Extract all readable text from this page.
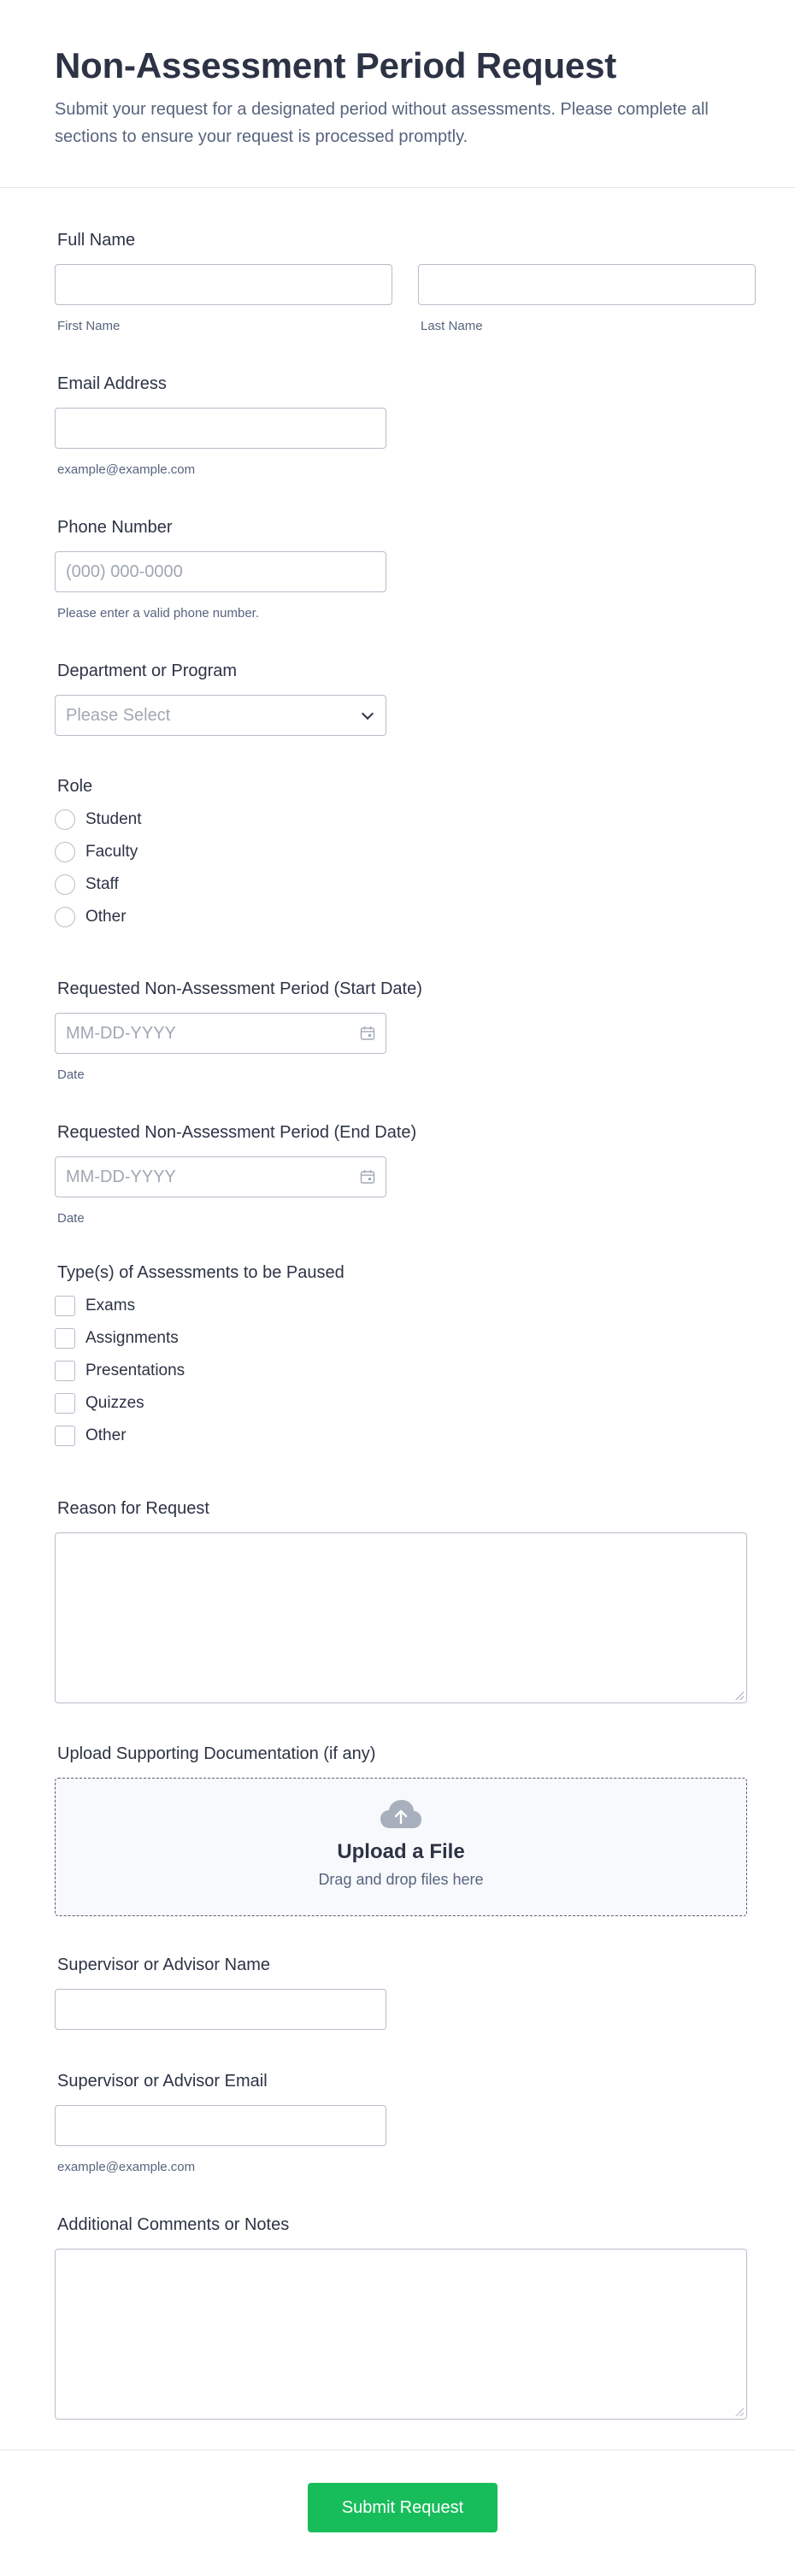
Non-Assessment Period Request

Submit your request for a designated period without assessments. Please complete all sections to ensure your request is processed promptly.

Full Name
First Name	Last Name
Email Address
example@example.com
Phone Number
(000) 000-0000
Please enter a valid phone number.
Department or Program
Please Select
Role
Student
Faculty
Staff
Other
Requested Non-Assessment Period (Start Date)
MM-DD-YYYY
Date
Requested Non-Assessment Period (End Date)
MM-DD-YYYY
Date
Type(s) of Assessments to be Paused
Exams
Assignments
Presentations
Quizzes
Other
Reason for Request
Upload Supporting Documentation (if any)
Upload a File
Drag and drop files here
Supervisor or Advisor Name
Supervisor or Advisor Email
example@example.com
Additional Comments or Notes
Submit Request
